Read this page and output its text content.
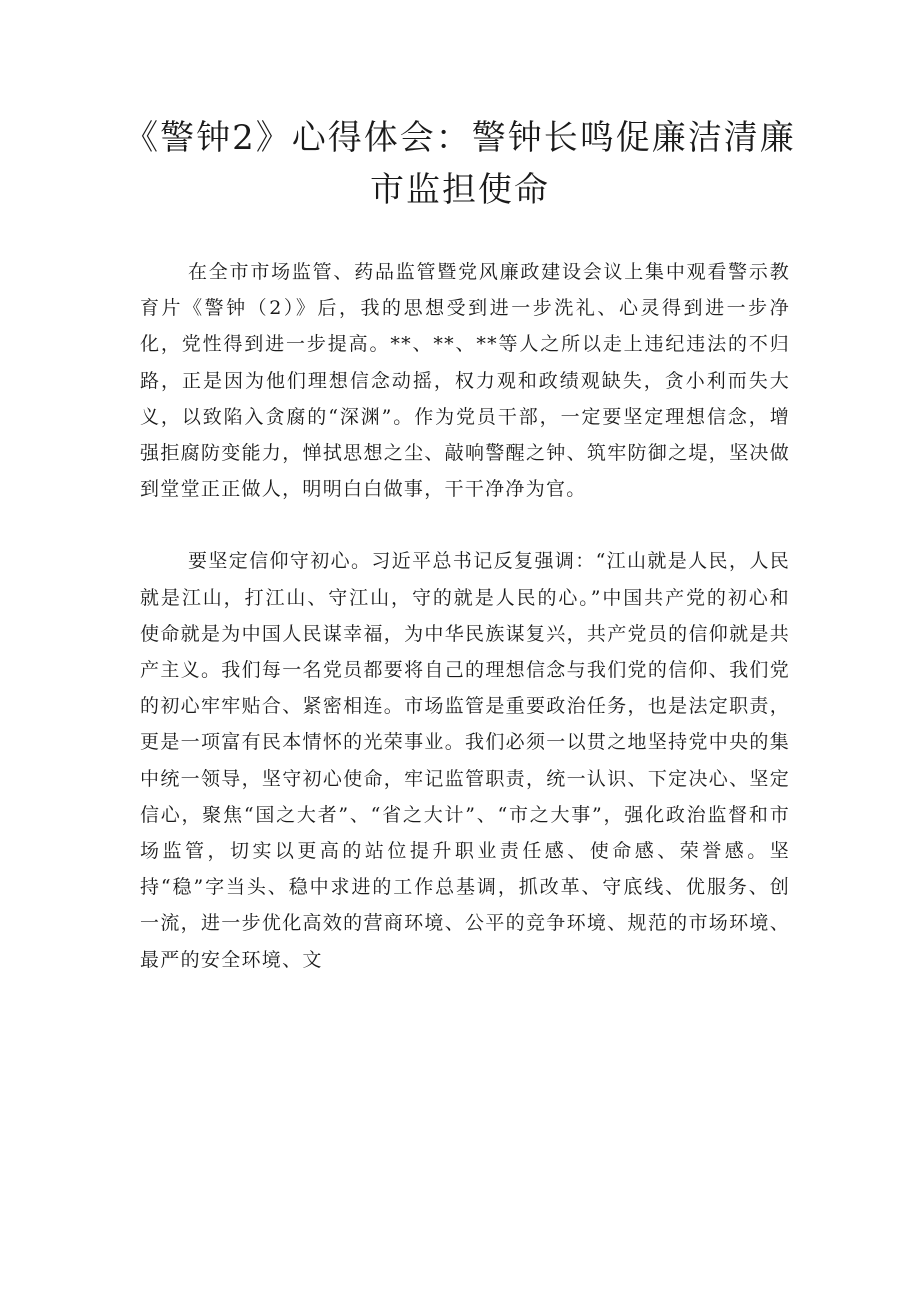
《警钟2》心得体会：警钟长鸣促廉洁清廉
市监担使命

在全市市场监管、药品监管暨党风廉政建设会议上集中观看警示教育片《警钟（2）》后，我的思想受到进一步洗礼、心灵得到进一步净化，党性得到进一步提高。**、**、**等人之所以走上违纪违法的不归路，正是因为他们理想信念动摇，权力观和政绩观缺失，贪小利而失大义，以致陷入贪腐的“深渊”。作为党员干部，一定要坚定理想信念，增强拒腐防变能力，惮拭思想之尘、敲响警醒之钟、筑牢防御之堤，坚决做到堂堂正正做人，明明白白做事，干干净净为官。

要坚定信仰守初心。习近平总书记反复强调：“江山就是人民，人民就是江山，打江山、守江山，守的就是人民的心。”中国共产党的初心和使命就是为中国人民谋幸福，为中华民族谋复兴，共产党员的信仰就是共产主义。我们每一名党员都要将自己的理想信念与我们党的信仰、我们党的初心牢牢贴合、紧密相连。市场监管是重要政治任务，也是法定职责，更是一项富有民本情怀的光荣事业。我们必须一以贯之地坚持党中央的集中统一领导，坚守初心使命，牢记监管职责，统一认识、下定决心、坚定信心，聚焦“国之大者”、“省之大计”、“市之大事”，强化政治监督和市场监管，切实以更高的站位提升职业责任感、使命感、荣誉感。坚持“稳”字当头、稳中求进的工作总基调，抓改革、守底线、优服务、创一流，进一步优化高效的营商环境、公平的竞争环境、规范的市场环境、最严的安全环境、文
